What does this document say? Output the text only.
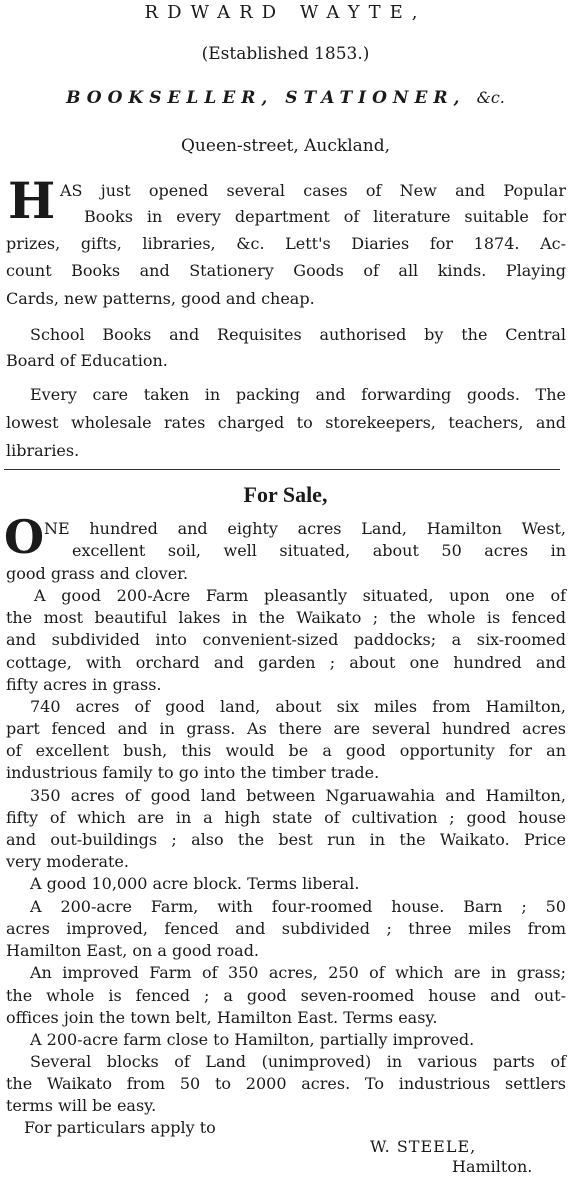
RDWARD WAYTE,
(Established 1853.)
BOOKSELLER, STATIONER, &c.
Queen-street, Auckland,
H AS just opened several cases of New and Popular
Books in every department of literature suitable for
prizes, gifts, libraries, &c. Lett's Diaries for 1874. Ac-
count Books and Stationery Goods of all kinds. Playing
Cards, new patterns, good and cheap.
School Books and Requisites authorised by the Central
Board of Education.
Every care taken in packing and forwarding goods. The
lowest wholesale rates charged to storekeepers, teachers, and
libraries.
For Sale,
O NE hundred and eighty acres Land, Hamilton West,
excellent soil, well situated, about 50 acres in
good grass and clover.
A good 200-Acre Farm pleasantly situated, upon one of
the most beautiful lakes in the Waikato ; the whole is fenced
and subdivided into convenient-sized paddocks; a six-roomed
cottage, with orchard and garden ; about one hundred and
fifty acres in grass.
740 acres of good land, about six miles from Hamilton,
part fenced and in grass. As there are several hundred acres
of excellent bush, this would be a good opportunity for an
industrious family to go into the timber trade.
350 acres of good land between Ngaruawahia and Hamilton,
fifty of which are in a high state of cultivation ; good house
and out-buildings ; also the best run in the Waikato. Price
very moderate.
A good 10,000 acre block. Terms liberal.
A 200-acre Farm, with four-roomed house. Barn ; 50
acres improved, fenced and subdivided ; three miles from
Hamilton East, on a good road.
An improved Farm of 350 acres, 250 of which are in grass;
the whole is fenced ; a good seven-roomed house and out-
offices join the town belt, Hamilton East. Terms easy.
A 200-acre farm close to Hamilton, partially improved.
Several blocks of Land (unimproved) in various parts of
the Waikato from 50 to 2000 acres. To industrious settlers
terms will be easy.
For particulars apply to
W. STEELE,
Hamilton.
